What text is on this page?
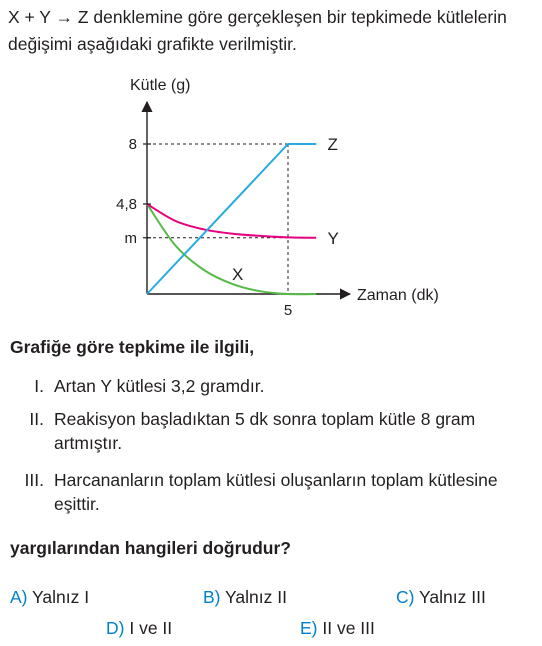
X + Y → Z denklemine göre gerçekleşen bir tepkimede kütlelerin değişimi aşağıdaki grafikte verilmiştir.
Z
Y
8
4,8
m
5
Kütle (g)
Zaman (dk)
X
Grafiğe göre tepkime ile ilgili,
I. Artan Y kütlesi 3,2 gramdır.
II. Reakisyon başladıktan 5 dk sonra toplam kütle 8 gram artmıştır.
III. Harcananların toplam kütlesi oluşanların toplam kütlesine eşittir.
yargılarından hangileri doğrudur?
A) Yalnız I	B) Yalnız II	C) Yalnız III
D) I ve II	E) II ve III
